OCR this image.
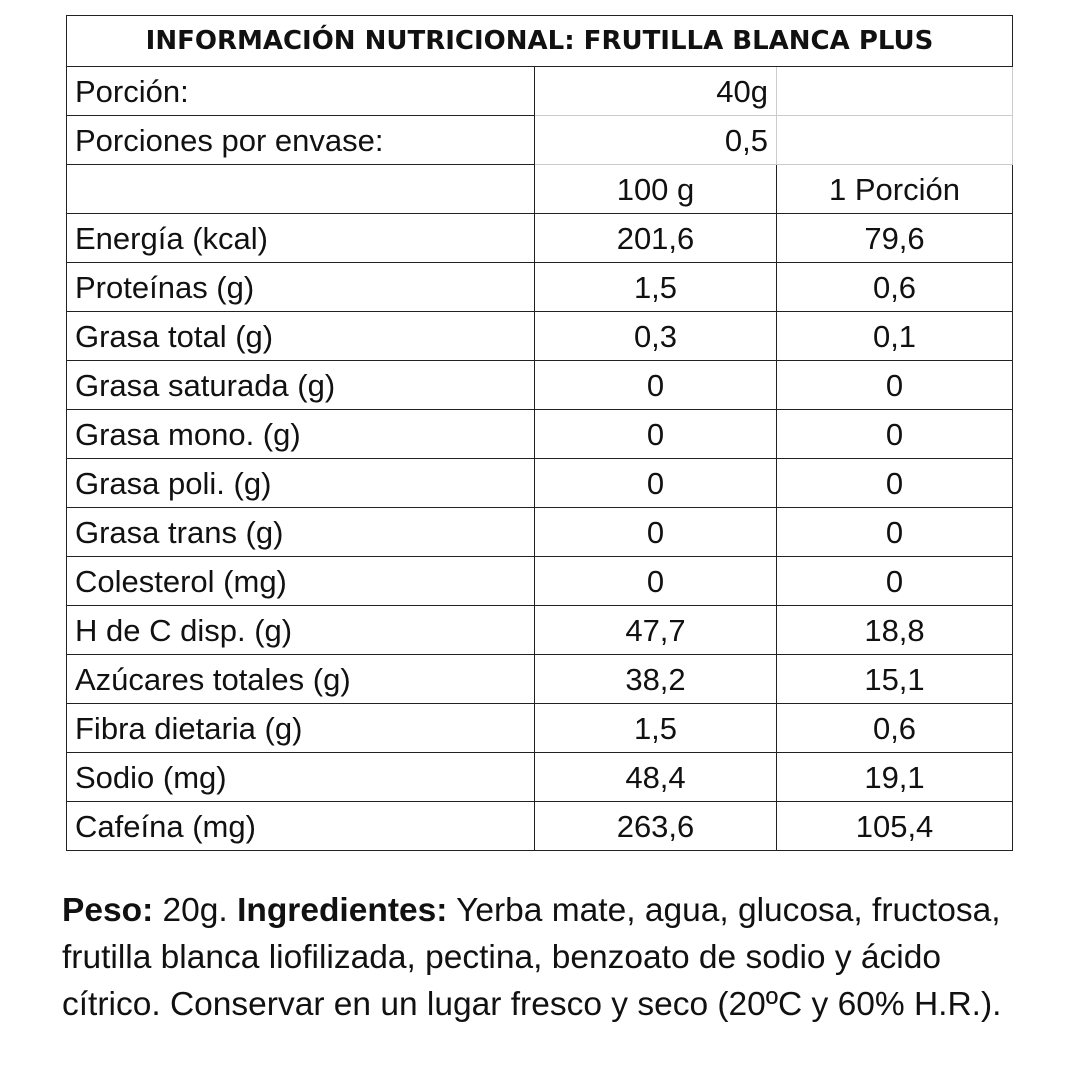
INFORMACIÓN NUTRICIONAL: FRUTILLA BLANCA PLUS		
Porción:	40g	
Porciones por envase:	0,5	
	100 g	1 Porción
Energía (kcal)	201,6	79,6
Proteínas (g)	1,5	0,6
Grasa total (g)	0,3	0,1
Grasa saturada (g)	0	0
Grasa mono. (g)	0	0
Grasa poli. (g)	0	0
Grasa trans (g)	0	0
Colesterol (mg)	0	0
H de C disp. (g)	47,7	18,8
Azúcares totales (g)	38,2	15,1
Fibra dietaria (g)	1,5	0,6
Sodio (mg)	48,4	19,1
Cafeína (mg)	263,6	105,4

Peso: 20g. Ingredientes: Yerba mate, agua, glucosa, fructosa, frutilla blanca liofilizada, pectina, benzoato de sodio y ácido cítrico. Conservar en un lugar fresco y seco (20ºC y 60% H.R.).
